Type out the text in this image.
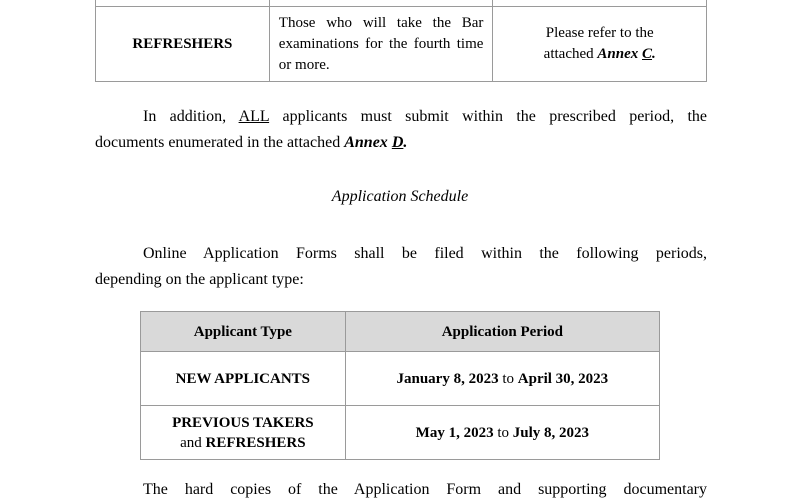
REFRESHERS	Those who will take the Bar examinations for the fourth time or more.	Please refer to the
attached Annex C.
In addition, ALL applicants must submit within the prescribed period, the
documents enumerated in the attached Annex D.
Application Schedule
Online Application Forms shall be filed within the following periods,
depending on the applicant type:
Applicant Type	Application Period
NEW APPLICANTS	January 8, 2023 to April 30, 2023
PREVIOUS TAKERS
and REFRESHERS	May 1, 2023 to July 8, 2023
The hard copies of the Application Form and supporting documentary
